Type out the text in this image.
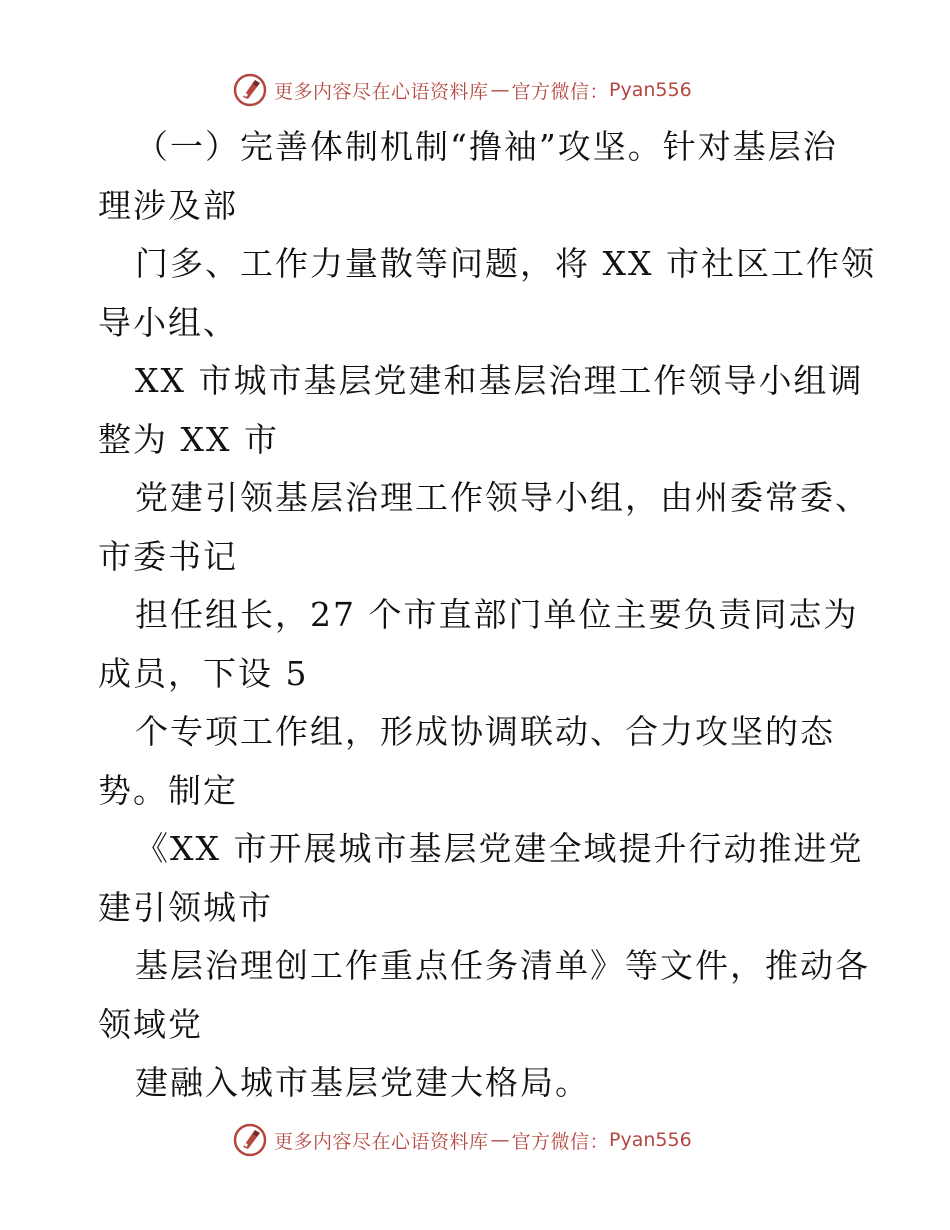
更多内容尽在心语资料库 — 官方微信： Pyan556
（一）完善体制机制“撸袖”攻坚。针对基层治
理涉及部
门多、工作力量散等问题，将 XX 市社区工作领
导小组、
XX 市城市基层党建和基层治理工作领导小组调
整为 XX 市
党建引领基层治理工作领导小组，由州委常委、
市委书记
担任组长，27 个市直部门单位主要负责同志为
成员，下设 5
个专项工作组，形成协调联动、合力攻坚的态
势。制定
《XX 市开展城市基层党建全域提升行动推进党
建引领城市
基层治理创工作重点任务清单》等文件，推动各
领域党
建融入城市基层党建大格局。
更多内容尽在心语资料库 — 官方微信： Pyan556
